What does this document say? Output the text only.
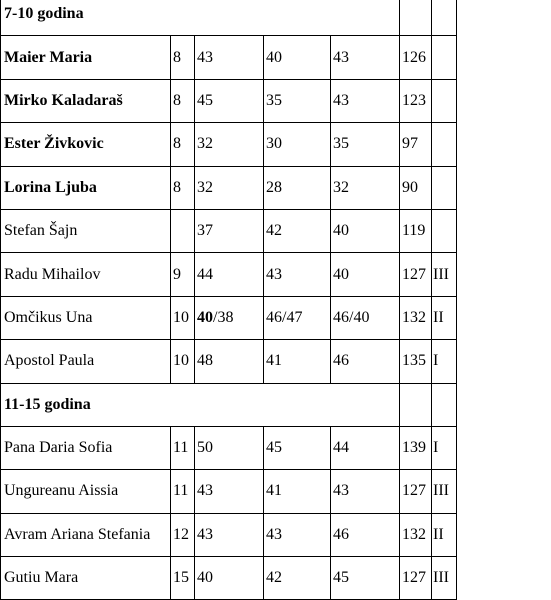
7-10 godina						
Maier Maria	8	43	40	43	126	
Mirko Kaladaraš	8	45	35	43	123	
Ester Živkovic	8	32	30	35	97	
Lorina Ljuba	8	32	28	32	90	
Stefan Šajn		37	42	40	119	
Radu Mihailov	9	44	43	40	127	III
Omčikus Una	10	40/38	46/47	46/40	132	II
Apostol Paula	10	48	41	46	135	I
11-15 godina						
Pana Daria Sofia	11	50	45	44	139	I
Ungureanu Aissia	11	43	41	43	127	III
Avram Ariana Stefania	12	43	43	46	132	II
Gutiu Mara	15	40	42	45	127	III
